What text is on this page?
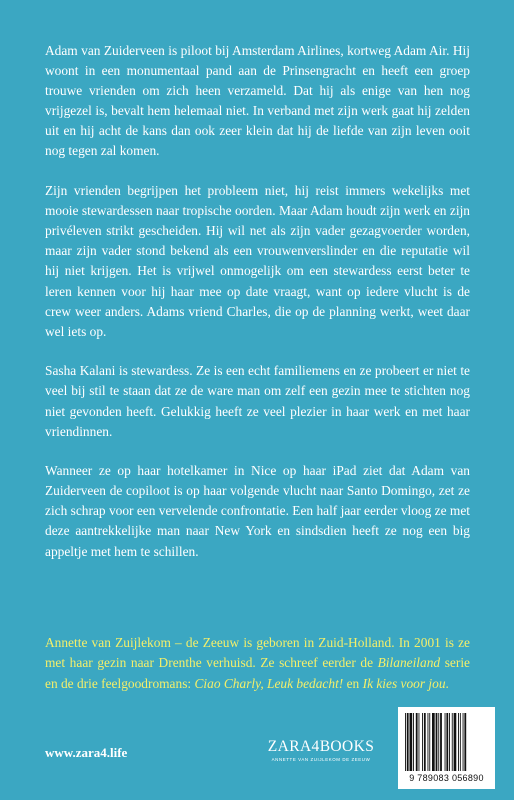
Adam van Zuiderveen is piloot bij Amsterdam Airlines, kortweg Adam Air. Hij woont in een monumentaal pand aan de Prinsengracht en heeft een groep trouwe vrienden om zich heen verzameld. Dat hij als enige van hen nog vrijgezel is, bevalt hem helemaal niet. In verband met zijn werk gaat hij zelden uit en hij acht de kans dan ook zeer klein dat hij de liefde van zijn leven ooit nog tegen zal komen.

Zijn vrienden begrijpen het probleem niet, hij reist immers wekelijks met mooie stewardessen naar tropische oorden. Maar Adam houdt zijn werk en zijn privéleven strikt gescheiden. Hij wil net als zijn vader gezagvoerder worden, maar zijn vader stond bekend als een vrouwenverslinder en die reputatie wil hij niet krijgen. Het is vrijwel onmogelijk om een stewardess eerst beter te leren kennen voor hij haar mee op date vraagt, want op iedere vlucht is de crew weer anders. Adams vriend Charles, die op de planning werkt, weet daar wel iets op.

Sasha Kalani is stewardess. Ze is een echt familiemens en ze probeert er niet te veel bij stil te staan dat ze de ware man om zelf een gezin mee te stichten nog niet gevonden heeft. Gelukkig heeft ze veel plezier in haar werk en met haar vriendinnen.

Wanneer ze op haar hotelkamer in Nice op haar iPad ziet dat Adam van Zuiderveen de copiloot is op haar volgende vlucht naar Santo Domingo, zet ze zich schrap voor een vervelende confrontatie. Een half jaar eerder vloog ze met deze aantrekkelijke man naar New York en sindsdien heeft ze nog een big appeltje met hem te schillen.

Annette van Zuijlekom – de Zeeuw is geboren in Zuid-Holland. In 2001 is ze met haar gezin naar Drenthe verhuisd. Ze schreef eerder de Bilaneiland serie en de drie feelgoodromans: Ciao Charly, Leuk bedacht! en Ik kies voor jou.
www.zara4.life	ZARA4BOOKS
ANNETTE VAN ZUIJLEKOM DE ZEEUW
9 789083 056890
